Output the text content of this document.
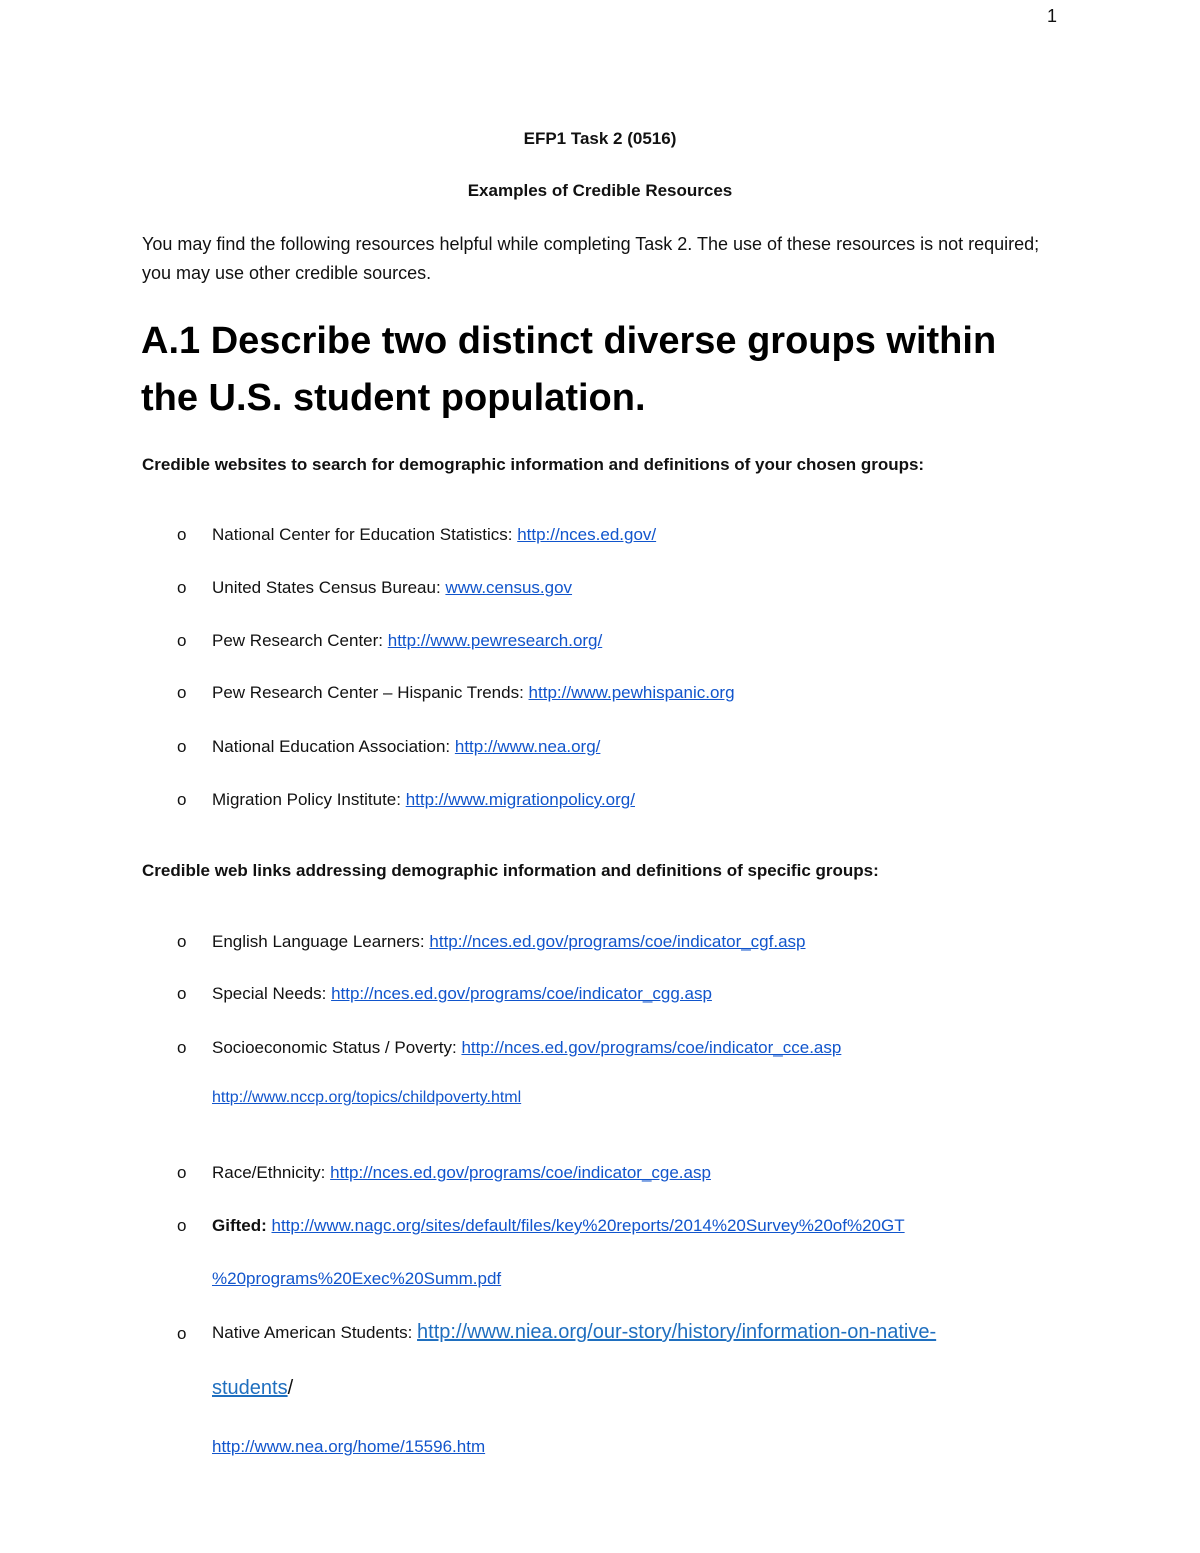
1
EFP1 Task 2 (0516)
Examples of Credible Resources
You may find the following resources helpful while completing Task 2. The use of these resources is not required; you may use other credible sources.
A.1 Describe two distinct diverse groups within
the U.S. student population.
Credible websites to search for demographic information and definitions of your chosen groups:
o National Center for Education Statistics: http://nces.ed.gov/
o United States Census Bureau: www.census.gov
o Pew Research Center: http://www.pewresearch.org/
o Pew Research Center – Hispanic Trends: http://www.pewhispanic.org
o National Education Association: http://www.nea.org/
o Migration Policy Institute: http://www.migrationpolicy.org/
Credible web links addressing demographic information and definitions of specific groups:
o English Language Learners: http://nces.ed.gov/programs/coe/indicator_cgf.asp
o Special Needs: http://nces.ed.gov/programs/coe/indicator_cgg.asp
o Socioeconomic Status / Poverty: http://nces.ed.gov/programs/coe/indicator_cce.asp
http://www.nccp.org/topics/childpoverty.html
o Race/Ethnicity: http://nces.ed.gov/programs/coe/indicator_cge.asp
o Gifted: http://www.nagc.org/sites/default/files/key%20reports/2014%20Survey%20of%20GT
%20programs%20Exec%20Summ.pdf
o Native American Students: http://www.niea.org/our-story/history/information-on-native-
students/
http://www.nea.org/home/15596.htm
